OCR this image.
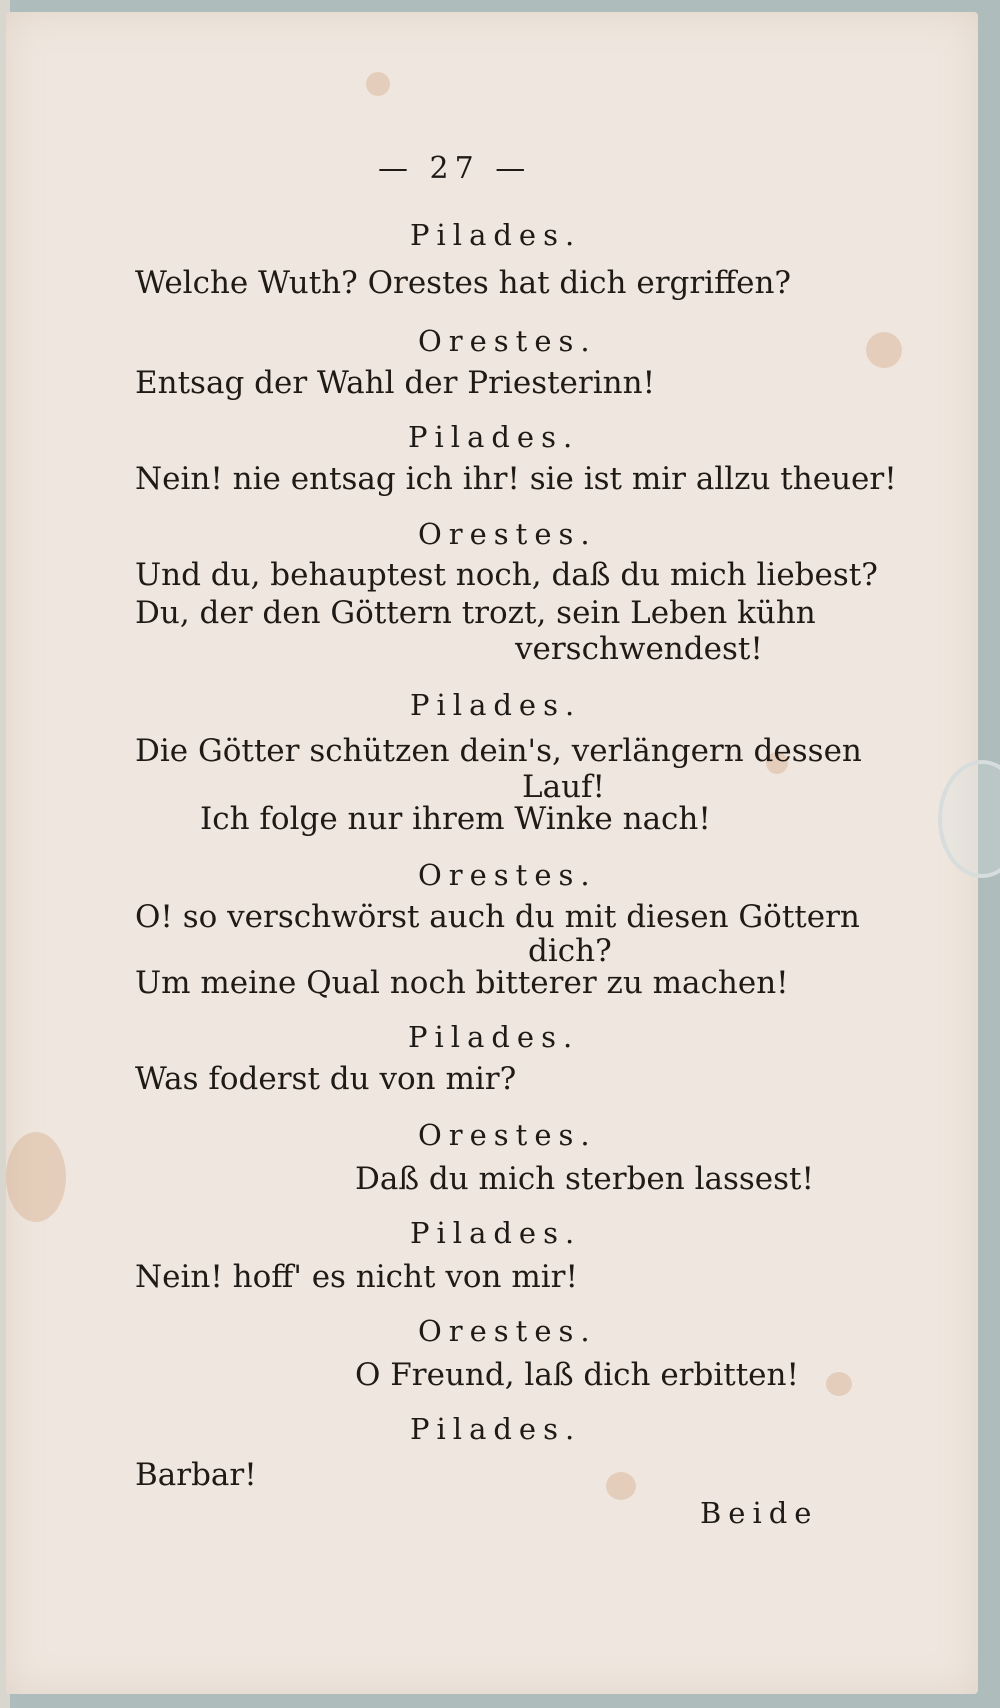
— 27 —
Pilades.
Welche Wuth? Orestes hat dich ergriffen?
Orestes.
Entsag der Wahl der Priesterinn!
Pilades.
Nein! nie entsag ich ihr! sie ist mir allzu theuer!
Orestes.
Und du, behauptest noch, daß du mich liebest?
Du, der den Göttern trozt, sein Leben kühn
verschwendest!
Pilades.
Die Götter schützen dein's, verlängern dessen
Lauf!
Ich folge nur ihrem Winke nach!
Orestes.
O! so verschwörst auch du mit diesen Göttern
dich?
Um meine Qual noch bitterer zu machen!
Pilades.
Was foderst du von mir?
Orestes.
Daß du mich sterben lassest!
Pilades.
Nein! hoff' es nicht von mir!
Orestes.
O Freund, laß dich erbitten!
Pilades.
Barbar!
Beide
